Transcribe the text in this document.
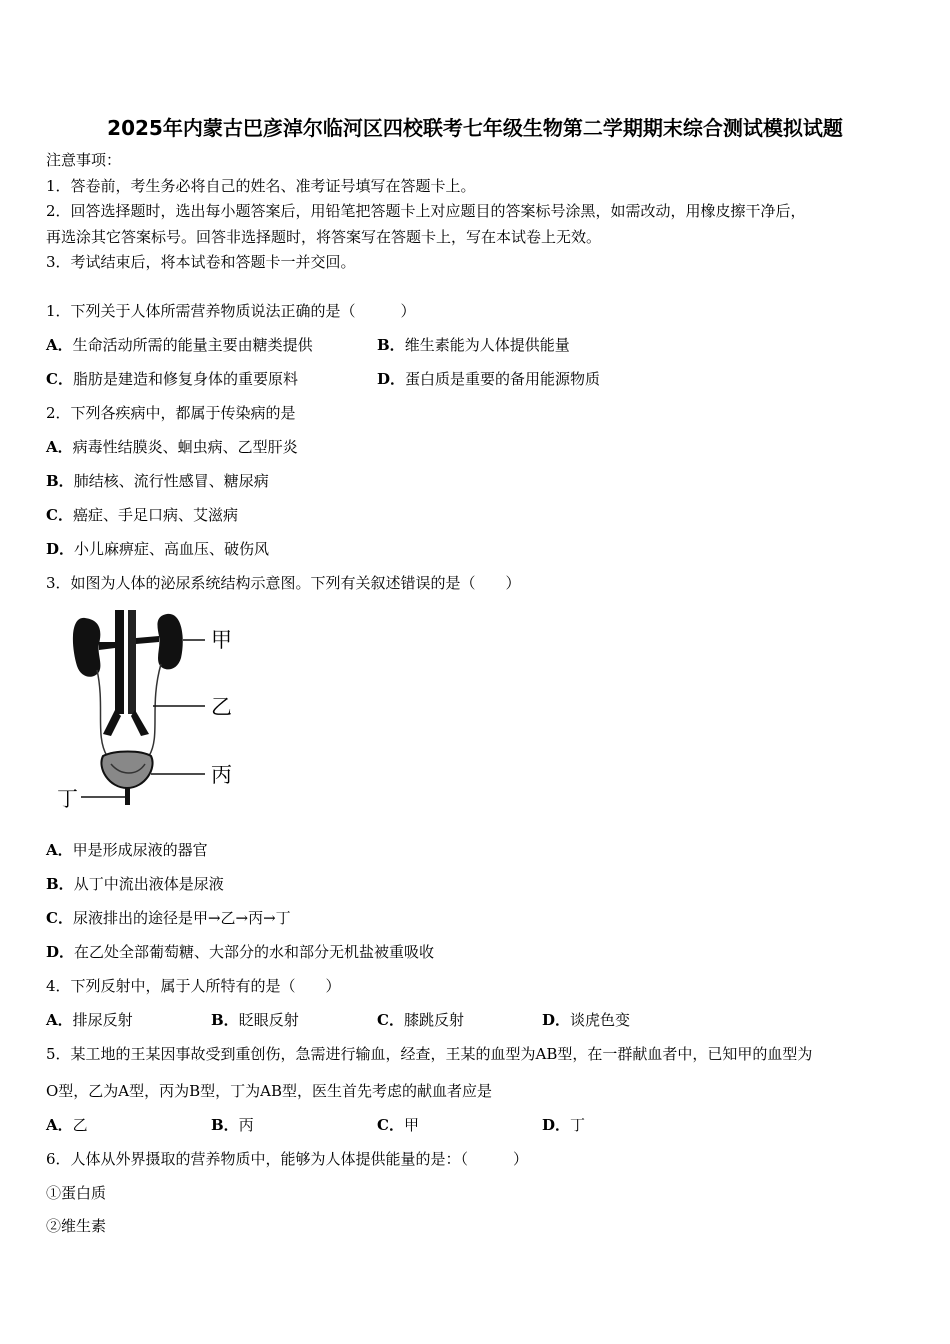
2025年内蒙古巴彦淖尔临河区四校联考七年级生物第二学期期末综合测试模拟试题
注意事项：
1．答卷前，考生务必将自己的姓名、准考证号填写在答题卡上。
2．回答选择题时，选出每小题答案后，用铅笔把答题卡上对应题目的答案标号涂黑，如需改动，用橡皮擦干净后，
再选涂其它答案标号。回答非选择题时，将答案写在答题卡上，写在本试卷上无效。
3．考试结束后，将本试卷和答题卡一并交回。
1．下列关于人体所需营养物质说法正确的是（　　　）
A．生命活动所需的能量主要由糖类提供	B．维生素能为人体提供能量
C．脂肪是建造和修复身体的重要原料	D．蛋白质是重要的备用能源物质
2．下列各疾病中，都属于传染病的是
A．病毒性结膜炎、蛔虫病、乙型肝炎
B．肺结核、流行性感冒、糖尿病
C．癌症、手足口病、艾滋病
D．小儿麻痹症、高血压、破伤风
3．如图为人体的泌尿系统结构示意图。下列有关叙述错误的是（　　）
甲
乙
丙
丁
A．甲是形成尿液的器官
B．从丁中流出液体是尿液
C．尿液排出的途径是甲→乙→丙→丁
D．在乙处全部葡萄糖、大部分的水和部分无机盐被重吸收
4．下列反射中，属于人所特有的是（　　）
A．排尿反射	B．眨眼反射	C．膝跳反射	D．谈虎色变
5．某工地的王某因事故受到重创伤，急需进行输血，经查，王某的血型为AB型，在一群献血者中，已知甲的血型为
O型，乙为A型，丙为B型，丁为AB型，医生首先考虑的献血者应是
A．乙	B．丙	C．甲	D．丁
6．人体从外界摄取的营养物质中，能够为人体提供能量的是：（　　　）
①蛋白质
②维生素
